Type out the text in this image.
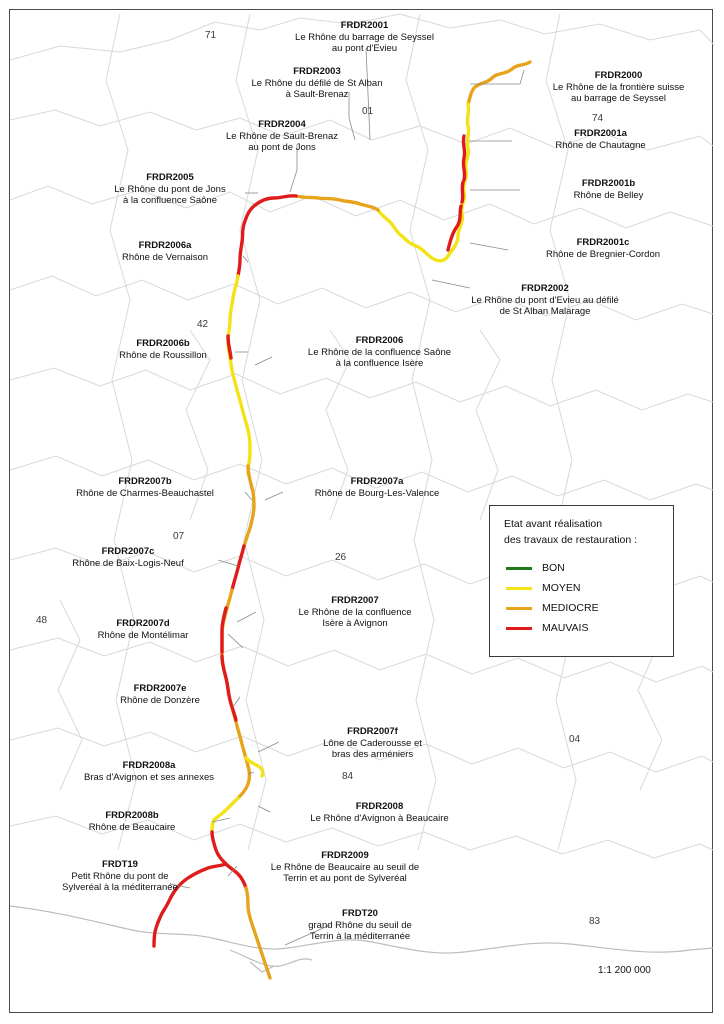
FRDR2001
Le Rhône du barrage de Seyssel
au pont d'Evieu
FRDR2000
Le Rhône de la frontière suisse
au barrage de Seyssel
FRDR2003
Le Rhône du défilé de St Alban
à Sault-Brenaz
FRDR2001a
Rhône de Chautagne
FRDR2004
Le Rhône de Sault-Brenaz
au pont de Jons
FRDR2001b
Rhône de Belley
FRDR2005
Le Rhône du pont de Jons
à la confluence Saône
FRDR2001c
Rhône de Bregnier-Cordon
FRDR2006a
Rhône de Vernaison
FRDR2002
Le Rhône du pont d'Evieu au défilé
de St Alban Malarage
FRDR2006b
Rhône de Roussillon
FRDR2006
Le Rhône de la confluence Saône
à la confluence Isère
FRDR2007b
Rhône de Charmes-Beauchastel
FRDR2007a
Rhône de Bourg-Les-Valence
FRDR2007c
Rhône de Baix-Logis-Neuf
FRDR2007
Le Rhône de la confluence
Isère à Avignon
FRDR2007d
Rhône de Montélimar
FRDR2007e
Rhône de Donzère
FRDR2007f
Lône de Caderousse et
bras des arméniers
FRDR2008a
Bras d'Avignon et ses annexes
FRDR2008
Le Rhône d'Avignon à Beaucaire
FRDR2008b
Rhône de Beaucaire
FRDR2009
Le Rhône de Beaucaire au seuil de
Terrin et au pont de Sylveréal
FRDT19
Petit Rhône du pont de
Sylveréal à la méditerranée
FRDT20
grand Rhône du seuil de
Terrin à la méditerranée
71
01
74
42
07
26
48
84
04
83
Etat avant réalisation
des travaux de restauration :
BON
MOYEN
MEDIOCRE
MAUVAIS
1:1 200 000
